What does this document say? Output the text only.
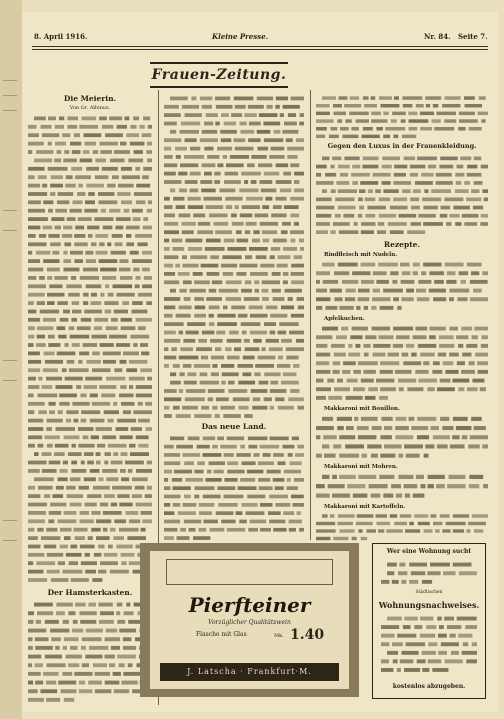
8. April 1916.	Kleine Presse.	Nr. 84. Seite 7.
Frauen-Zeitung.
Die Meierin.
Von Gr. Albinus.
Der Hamsterkasten.
Das neue Land.
Gegen den Luxus in der Frauenkleidung.
Rezepte.
Rindfleisch mit Nudeln.
Apfelkuchen.
Makkaroni mit Bouillon.
Makkaroni mit Mohren.
Makkaroni mit Kartoffeln.
Pierfteiner
Vorzüglicher Qualitätswein
Flasche mit Glas	Mk. 1.40
J. Latscha · Frankfurt·M.
Wer eine Wohnung sucht
Städtischen
Wohnungsnachweises.
kostenlos abzugeben.
